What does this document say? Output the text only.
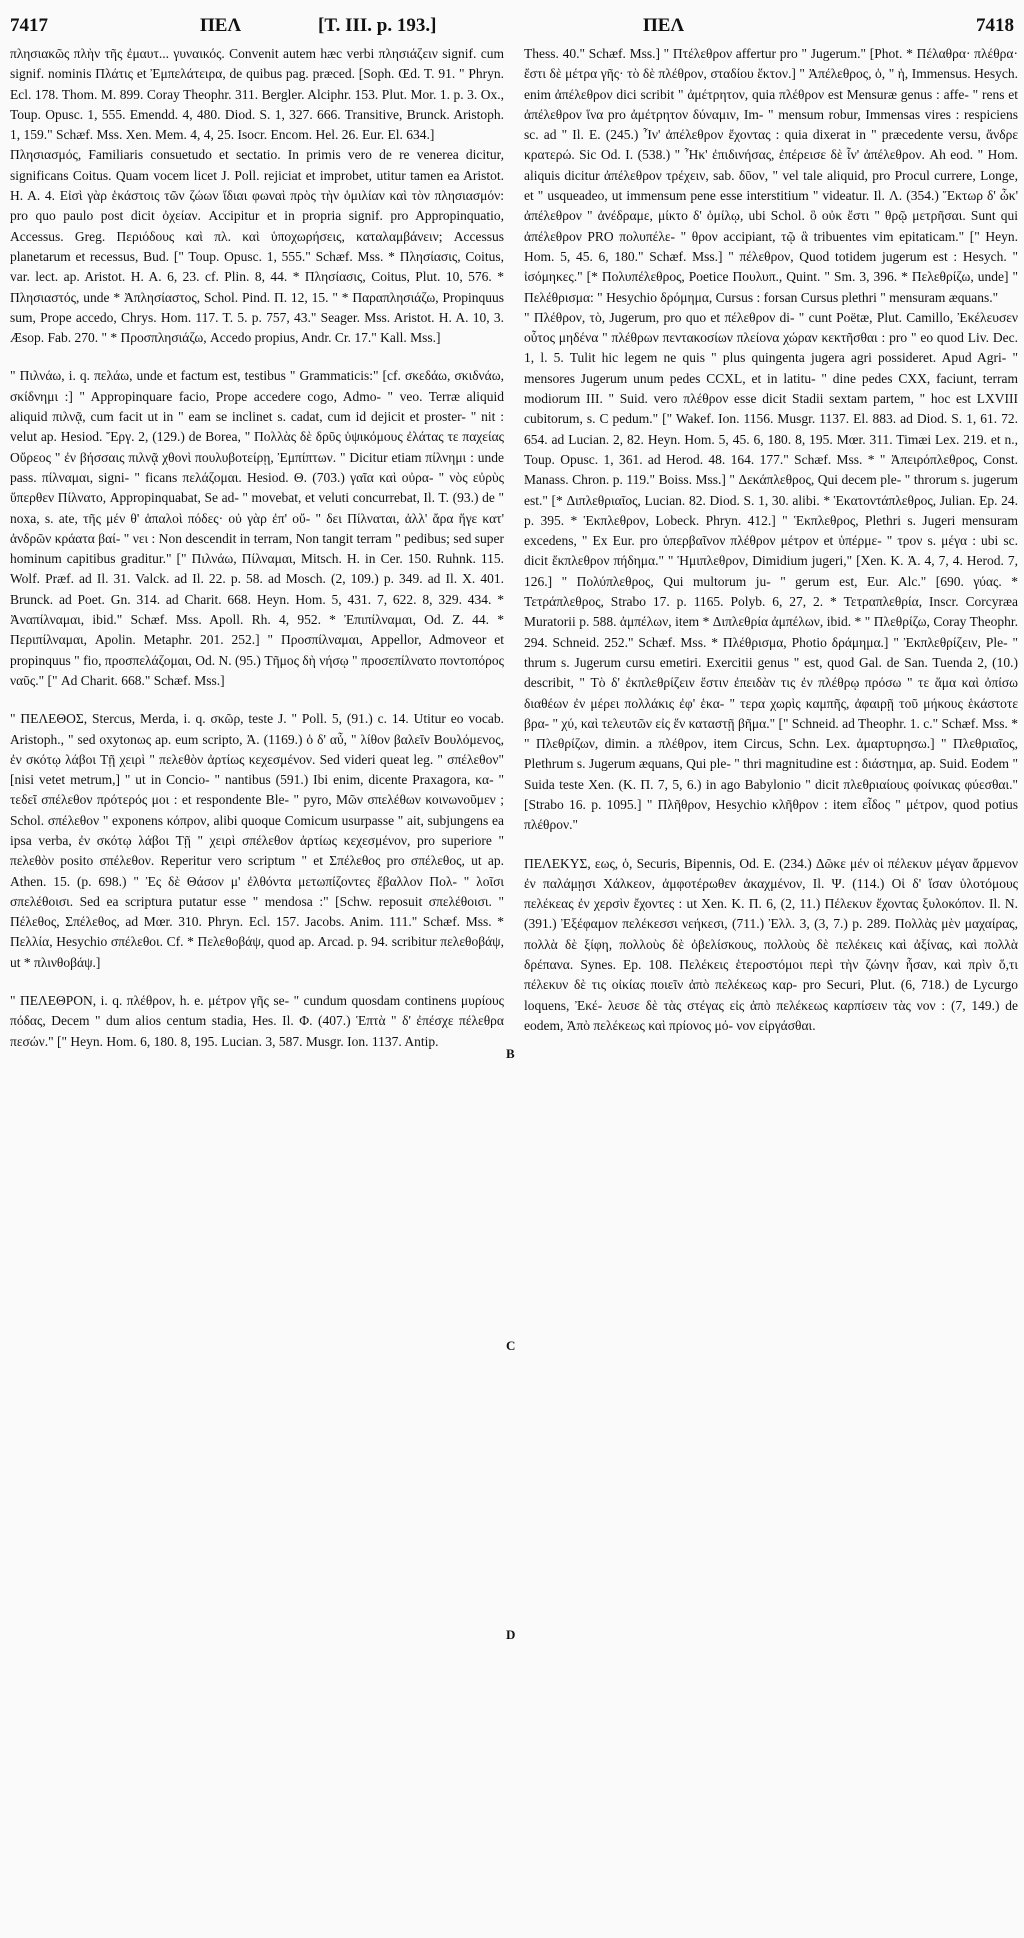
7417	ΠΕΛ	[T. III. p. 193.]	ΠΕΛ	7418

πλησιακῶς πλὴν τῆς ἐμαυτ... γυναικός. Convenit autem hæc verbi πλησιάζειν signif. cum signif. nominis Πλάτις et Ἐμπελάτειρα, de quibus pag. præced. [Soph. Œd. T. 91. " Phryn. Ecl. 178. Thom. M. 899. Coray Theophr. 311. Bergler. Alciphr. 153. Plut. Mor. 1. p. 3. Ox., Toup. Opusc. 1, 555. Emendd. 4, 480. Diod. S. 1, 327. 666. Transitive, Brunck. Aristoph. 1, 159." Schæf. Mss. Xen. Mem. 4, 4, 25. Isocr. Encom. Hel. 26. Eur. El. 634.]

Πλησιασμός, Familiaris consuetudo et sectatio. In primis vero de re venerea dicitur, significans Coitus. Quam vocem licet J. Poll. rejiciat et improbet, utitur tamen ea Aristot. H. A. 4. Εἰσὶ γὰρ ἑκάστοις τῶν ζώων ἴδιαι φωναὶ πρὸς τὴν ὁμιλίαν καὶ τὸν πλησιασμόν: pro quo paulo post dicit ὀχείαν. Accipitur et in propria signif. pro Appropinquatio, Accessus. Greg. Περιόδους καὶ πλ. καὶ ὑποχωρήσεις, καταλαμβάνειν; Accessus planetarum et recessus, Bud. [" Toup. Opusc. 1, 555." Schæf. Mss. * Πλησίασις, Coitus, var. lect. ap. Aristot. H. A. 6, 23. cf. Plin. 8, 44. * Πλησίασις, Coitus, Plut. 10, 576. * Πλησιαστός, unde * Ἀπλησίαστος, Schol. Pind. Π. 12, 15. " * Παραπλησιάζω, Propinquus sum, Prope accedo, Chrys. Hom. 117. T. 5. p. 757, 43." Seager. Mss. Aristot. H. A. 10, 3. Æsop. Fab. 270. " * Προσπλησιάζω, Accedo propius, Andr. Cr. 17." Kall. Mss.]

" Πιλνάω, i. q. πελάω, unde et factum est, testibus " Grammaticis:" [cf. σκεδάω, σκιδνάω, σκίδνημι :] " Appropinquare facio, Prope accedere cogo, Admo- " veo. Terræ aliquid aliquid πιλνᾷ, cum facit ut in " eam se inclinet s. cadat, cum id dejicit et proster- " nit : velut ap. Hesiod. Ἔργ. 2, (129.) de Borea, " Πολλὰς δὲ δρῦς ὑψικόμους ἐλάτας τε παχείας Οὔρεος " ἐν βήσσαις πιλνᾷ χθονὶ πουλυβοτείρῃ, Ἐμπίπτων. " Dicitur etiam πίλνημι : unde pass. πίλναμαι, signi- " ficans πελάζομαι. Hesiod. Θ. (703.) γαῖα καὶ οὐρα- " νὸς εὐρὺς ὕπερθεν Πίλνατο, Appropinquabat, Se ad- " movebat, et veluti concurrebat, Il. T. (93.) de " noxa, s. ate, τῆς μέν θ' ἁπαλοὶ πόδες· οὐ γὰρ ἐπ' οὔ- " δει Πίλναται, ἀλλ' ἄρα ἥγε κατ' ἀνδρῶν κράατα βαί- " νει : Non descendit in terram, Non tangit terram " pedibus; sed super hominum capitibus graditur." [" Πιλνάω, Πίλναμαι, Mitsch. H. in Cer. 150. Ruhnk. 115. Wolf. Præf. ad Il. 31. Valck. ad Il. 22. p. 58. ad Mosch. (2, 109.) p. 349. ad Il. X. 401. Brunck. ad Poet. Gn. 314. ad Charit. 668. Heyn. Hom. 5, 431. 7, 622. 8, 329. 434. * Ἀναπίλναμαι, ibid." Schæf. Mss. Apoll. Rh. 4, 952. * Ἐπιπίλναμαι, Od. Z. 44. * Περιπίλναμαι, Apolin. Metaphr. 201. 252.] " Προσπίλναμαι, Appellor, Admoveor et propinquus " fio, προσπελάζομαι, Od. N. (95.) Τῆμος δὴ νήσῳ " προσεπίλνατο ποντοπόρος ναῦς." [" Ad Charit. 668." Schæf. Mss.]

" ΠΕΛΕΘΟΣ, Stercus, Merda, i. q. σκῶρ, teste J. " Poll. 5, (91.) c. 14. Utitur eo vocab. Aristoph., " sed oxytonως ap. eum scripto, Ἀ. (1169.) ὁ δ' αὖ, " λίθον βαλεῖν Βουλόμενος, ἐν σκότῳ λάβοι Τῇ χειρὶ " πελεθὸν ἀρτίως κεχεσμένον. Sed videri queat leg. " σπέλεθον" [nisi vetet metrum,] " ut in Concio- " nantibus (591.) Ibi enim, dicente Praxagora, κα- " τεδεῖ σπέλεθον πρότερός μοι : et respondente Ble- " pyro, Μῶν σπελέθων κοινωνοῦμεν ; Schol. σπέλεθον " exponens κόπρον, alibi quoque Comicum usurpasse " ait, subjungens ea ipsa verba, ἐν σκότῳ λάβοι Τῇ " χειρὶ σπέλεθον ἀρτίως κεχεσμένον, pro superiore " πελεθὸν posito σπέλεθον. Reperitur vero scriptum " et Σπέλεθος pro σπέλεθος, ut ap. Athen. 15. (p. 698.) " Ἐς δὲ Θάσον μ' ἐλθόντα μετωπίζοντες ἔβαλλον Πολ- " λοῖσι σπελέθοισι. Sed ea scriptura putatur esse " mendosa :" [Schw. reposuit σπελέθοισι. " Πέλεθος, Σπέλεθος, ad Mœr. 310. Phryn. Ecl. 157. Jacobs. Anim. 111." Schæf. Mss. * Πελλία, Hesychio σπέλεθοι. Cf. * Πελεθοβάψ, quod ap. Arcad. p. 94. scribitur πελεθοβάψ, ut * πλινθοβάψ.]

" ΠΕΛΕΘΡΟΝ, i. q. πλέθρον, h. e. μέτρον γῆς se- " cundum quosdam continens μυρίους πόδας, Decem " dum alios centum stadia, Hes. Il. Φ. (407.) Ἑπτὰ " δ' ἐπέσχε πέλεθρα πεσών." [" Heyn. Hom. 6, 180. 8, 195. Lucian. 3, 587. Musgr. Ion. 1137. Antip.

B
C
D

Thess. 40." Schæf. Mss.] " Πτέλεθρον affertur pro " Jugerum." [Phot. * Πέλαθρα· πλέθρα· ἔστι δὲ μέτρα γῆς· τὸ δὲ πλέθρον, σταδίου ἕκτον.] " Ἀπέλεθρος, ὁ, " ἡ, Immensus. Hesych. enim ἀπέλεθρον dici scribit " ἀμέτρητον, quia πλέθρον est Mensuræ genus : affe- " rens et ἀπέλεθρον ἵνα pro ἀμέτρητον δύναμιν, Im- " mensum robur, Immensas vires : respiciens sc. ad " Il. E. (245.) Ἶν' ἀπέλεθρον ἔχοντας : quia dixerat in " præcedente versu, ἄνδρε κρατερώ. Sic Od. I. (538.) " Ἦκ' ἐπιδινήσας, ἐπέρεισε δὲ ἶν' ἀπέλεθρον. Ah eod. " Hom. aliquis dicitur ἀπέλεθρον τρέχειν, sab. δῦον, " vel tale aliquid, pro Procul currere, Longe, et " usqueadeo, ut immensum pene esse interstitium " videatur. Il. Λ. (354.) Ἕκτωρ δ' ὦκ' ἀπέλεθρον " ἀνέδραμε, μίκτο δ' ὁμίλῳ, ubi Schol. ὃ οὐκ ἔστι " θρῷ μετρῆσαι. Sunt qui ἀπέλεθρον PRO πολυπέλε- " θρον accipiant, τῷ ἃ tribuentes vim epitaticam." [" Heyn. Hom. 5, 45. 6, 180." Schæf. Mss.] " πέλεθρον, Quod totidem jugerum est : Hesych. " ἰσόμηκες." [* Πολυπέλεθρος, Poetice Πουλυπ., Quint. " Sm. 3, 396. * Πελεθρίζω, unde] " Πελέθρισμα: " Hesychio δρόμημα, Cursus : forsan Cursus plethri " mensuram æquans."

" Πλέθρον, τὸ, Jugerum, pro quo et πέλεθρον di- " cunt Poëtæ, Plut. Camillo, Ἐκέλευσεν οὗτος μηδένα " πλέθρων πεντακοσίων πλείονα χώραν κεκτῆσθαι : pro " eo quod Liv. Dec. 1, l. 5. Tulit hic legem ne quis " plus quingenta jugera agri possideret. Apud Agri- " mensores Jugerum unum pedes CCXL, et in latitu- " dine pedes CXX, faciunt, terram modiorum III. " Suid. vero πλέθρον esse dicit Stadii sextam partem, " hoc est LXVIII cubitorum, s. C pedum." [" Wakef. Ion. 1156. Musgr. 1137. El. 883. ad Diod. S. 1, 61. 72. 654. ad Lucian. 2, 82. Heyn. Hom. 5, 45. 6, 180. 8, 195. Mœr. 311. Timæi Lex. 219. et n., Toup. Opusc. 1, 361. ad Herod. 48. 164. 177." Schæf. Mss. * " Ἀπειρόπλεθρος, Const. Manass. Chron. p. 119." Boiss. Mss.] " Δεκάπλεθρος, Qui decem ple- " throrum s. jugerum est." [* Διπλεθριαῖος, Lucian. 82. Diod. S. 1, 30. alibi. * Ἑκατοντάπλεθρος, Julian. Ep. 24. p. 395. * Ἑκπλεθρον, Lobeck. Phryn. 412.] " Ἑκπλεθρος, Plethri s. Jugeri mensuram excedens, " Ex Eur. pro ὑπερβαῖνον πλέθρον μέτρον et ὑπέρμε- " τρον s. μέγα : ubi sc. dicit ἔκπλεθρον πήδημα." " Ἡμιπλεθρον, Dimidium jugeri," [Xen. K. Ἀ. 4, 7, 4. Herod. 7, 126.] " Πολύπλεθρος, Qui multorum ju- " gerum est, Eur. Alc." [690. γύας. * Τετράπλεθρος, Strabo 17. p. 1165. Polyb. 6, 27, 2. * Τετραπλεθρία, Inscr. Corcyræa Muratorii p. 588. ἀμπέλων, item * Διπλεθρία ἀμπέλων, ibid. * " Πλεθρίζω, Coray Theophr. 294. Schneid. 252." Schæf. Mss. * Πλέθρισμα, Photio δράμημα.] " Ἐκπλεθρίζειν, Ple- " thrum s. Jugerum cursu emetiri. Exercitii genus " est, quod Gal. de San. Tuenda 2, (10.) describit, " Τὸ δ' ἐκπλεθρίζειν ἔστιν ἐπειδὰν τις ἐν πλέθρῳ πρόσω " τε ἅμα καὶ ὀπίσω διαθέων ἐν μέρει πολλάκις ἐφ' ἑκα- " τερα χωρὶς καμπῆς, ἀφαιρῇ τοῦ μήκους ἑκάστοτε βρα- " χύ, καὶ τελευτῶν εἰς ἕν καταστῇ βῆμα." [" Schneid. ad Theophr. 1. c." Schæf. Mss. * " Πλεθρίζων, dimin. a πλέθρον, item Circus, Schn. Lex. ἀμαρτυρησω.] " Πλεθριαῖος, Plethrum s. Jugerum æquans, Qui ple- " thri magnitudine est : διάστημα, ap. Suid. Eodem " Suida teste Xen. (K. Π. 7, 5, 6.) in ago Babylonio " dicit πλεθριαίους φοίνικας φύεσθαι." [Strabo 16. p. 1095.] " Πλῆθρον, Hesychio κλῆθρον : item εἶδος " μέτρον, quod potius πλέθρον."

ΠΕΛΕΚΥΣ, εως, ὁ, Securis, Bipennis, Od. E. (234.) Δῶκε μέν οἱ πέλεκυν μέγαν ἄρμενον ἐν παλάμῃσι Χάλκεον, ἀμφοτέρωθεν ἀκαχμένον, Il. Ψ. (114.) Οἱ δ' ἴσαν ὑλοτόμους πελέκεας ἐν χερσὶν ἔχοντες : ut Xen. K. Π. 6, (2, 11.) Πέλεκυν ἔχοντας ξυλοκόπον. Il. N. (391.) Ἐξέφαμον πελέκεσσι νεήκεσι, (711.) Ἐλλ. 3, (3, 7.) p. 289. Πολλὰς μὲν μαχαίρας, πολλὰ δὲ ξίφη, πολλοὺς δὲ ὀβελίσκους, πολλοὺς δὲ πελέκεις καὶ ἀξίνας, καὶ πολλὰ δρέπανα. Synes. Ep. 108. Πελέκεις ἑτεροστόμοι περὶ τὴν ζώνην ἦσαν, καὶ πρὶν ὅ,τι πέλεκυν δὲ τις οἰκίας ποιεῖν ἀπὸ πελέκεως καρ- pro Securi, Plut. (6, 718.) de Lycurgo loquens, Ἐκέ- λευσε δὲ τὰς στέγας εἰς ἀπὸ πελέκεως καρπίσειν τὰς νον : (7, 149.) de eodem, Ἀπὸ πελέκεως καὶ πρίονος μό- νον εἰργάσθαι.
